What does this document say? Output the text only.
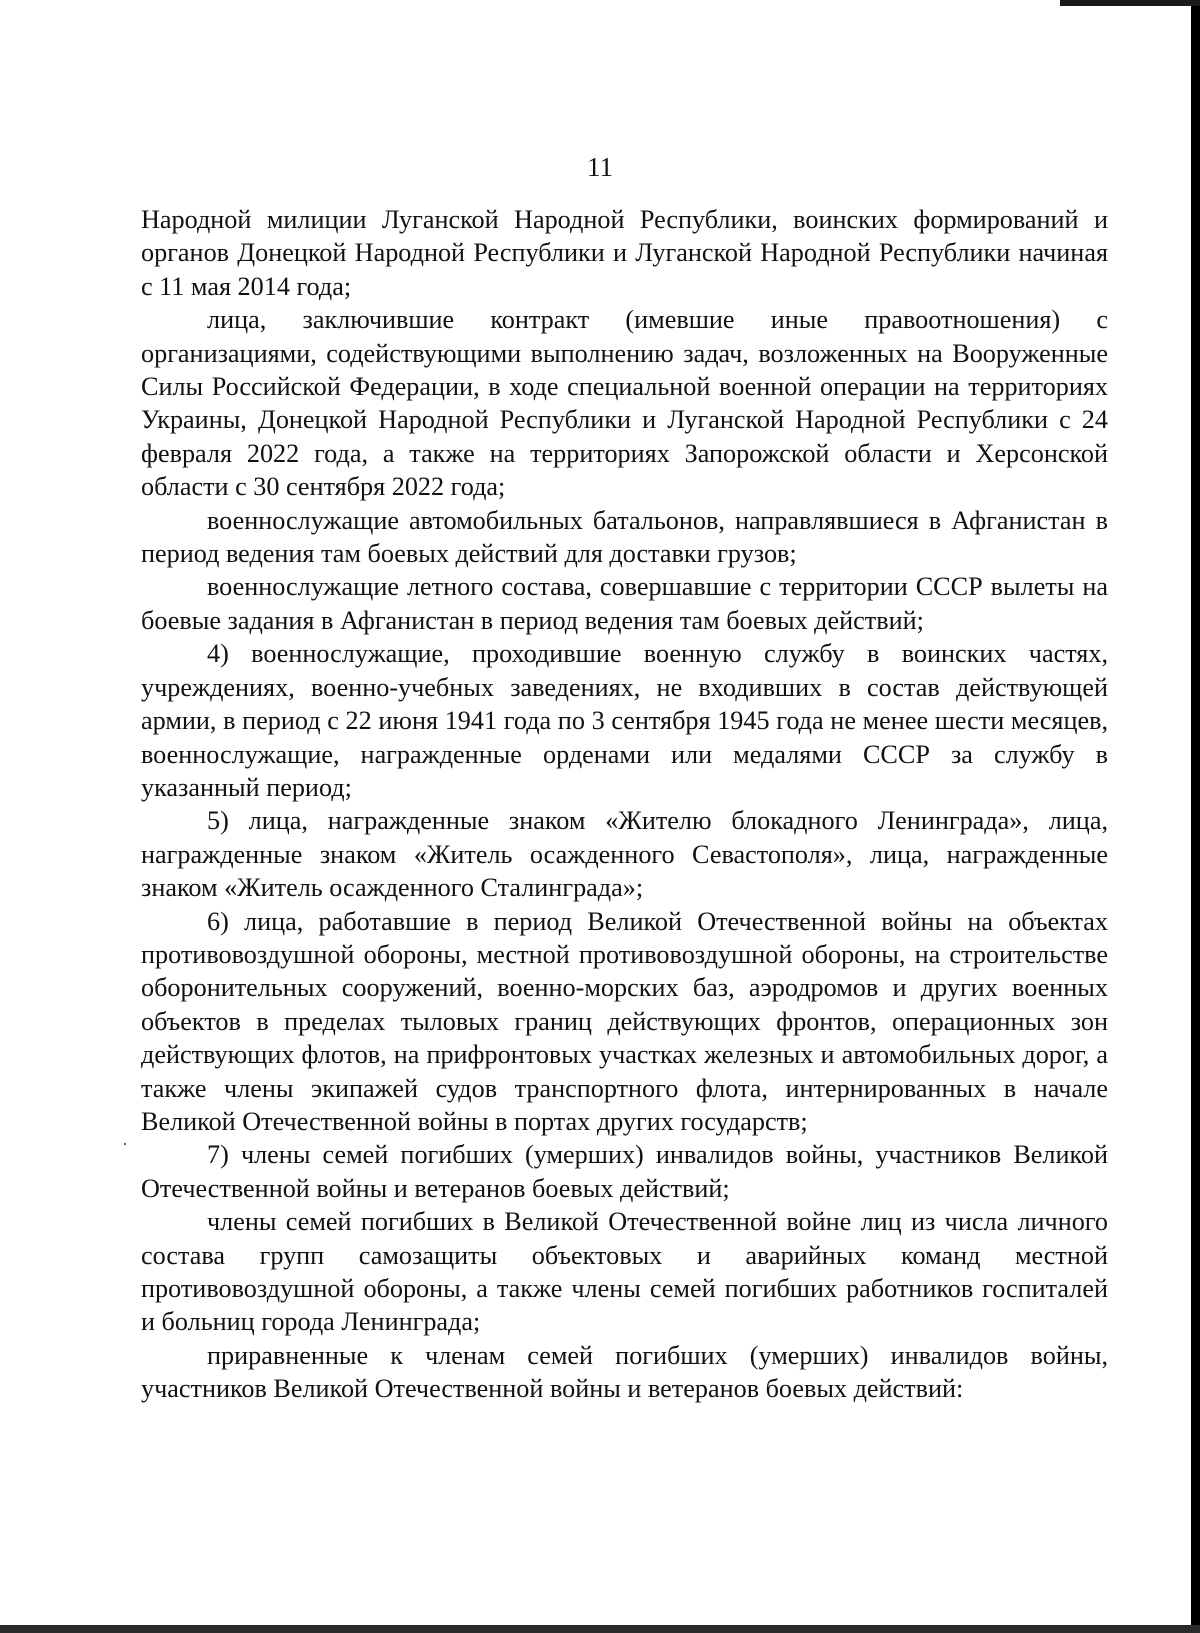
11

Народной милиции Луганской Народной Республики, воинских формирований и органов Донецкой Народной Республики и Луганской Народной Республики начиная с 11 мая 2014 года;

лица, заключившие контракт (имевшие иные правоотношения) с организациями, содействующими выполнению задач, возложенных на Вооруженные Силы Российской Федерации, в ходе специальной военной операции на территориях Украины, Донецкой Народной Республики и Луганской Народной Республики с 24 февраля 2022 года, а также на территориях Запорожской области и Херсонской области с 30 сентября 2022 года;

военнослужащие автомобильных батальонов, направлявшиеся в Афганистан в период ведения там боевых действий для доставки грузов;

военнослужащие летного состава, совершавшие с территории СССР вылеты на боевые задания в Афганистан в период ведения там боевых действий;

4) военнослужащие, проходившие военную службу в воинских частях, учреждениях, военно-учебных заведениях, не входивших в состав действующей армии, в период с 22 июня 1941 года по 3 сентября 1945 года не менее шести месяцев, военнослужащие, награжденные орденами или медалями СССР за службу в указанный период;

5) лица, награжденные знаком «Жителю блокадного Ленинграда», лица, награжденные знаком «Житель осажденного Севастополя», лица, награжденные знаком «Житель осажденного Сталинграда»;

6) лица, работавшие в период Великой Отечественной войны на объектах противовоздушной обороны, местной противовоздушной обороны, на строительстве оборонительных сооружений, военно-морских баз, аэродромов и других военных объектов в пределах тыловых границ действующих фронтов, операционных зон действующих флотов, на прифронтовых участках железных и автомобильных дорог, а также члены экипажей судов транспортного флота, интернированных в начале Великой Отечественной войны в портах других государств;

7) члены семей погибших (умерших) инвалидов войны, участников Великой Отечественной войны и ветеранов боевых действий;

члены семей погибших в Великой Отечественной войне лиц из числа личного состава групп самозащиты объектовых и аварийных команд местной противовоздушной обороны, а также члены семей погибших работников госпиталей и больниц города Ленинграда;

приравненные к членам семей погибших (умерших) инвалидов войны, участников Великой Отечественной войны и ветеранов боевых действий:
